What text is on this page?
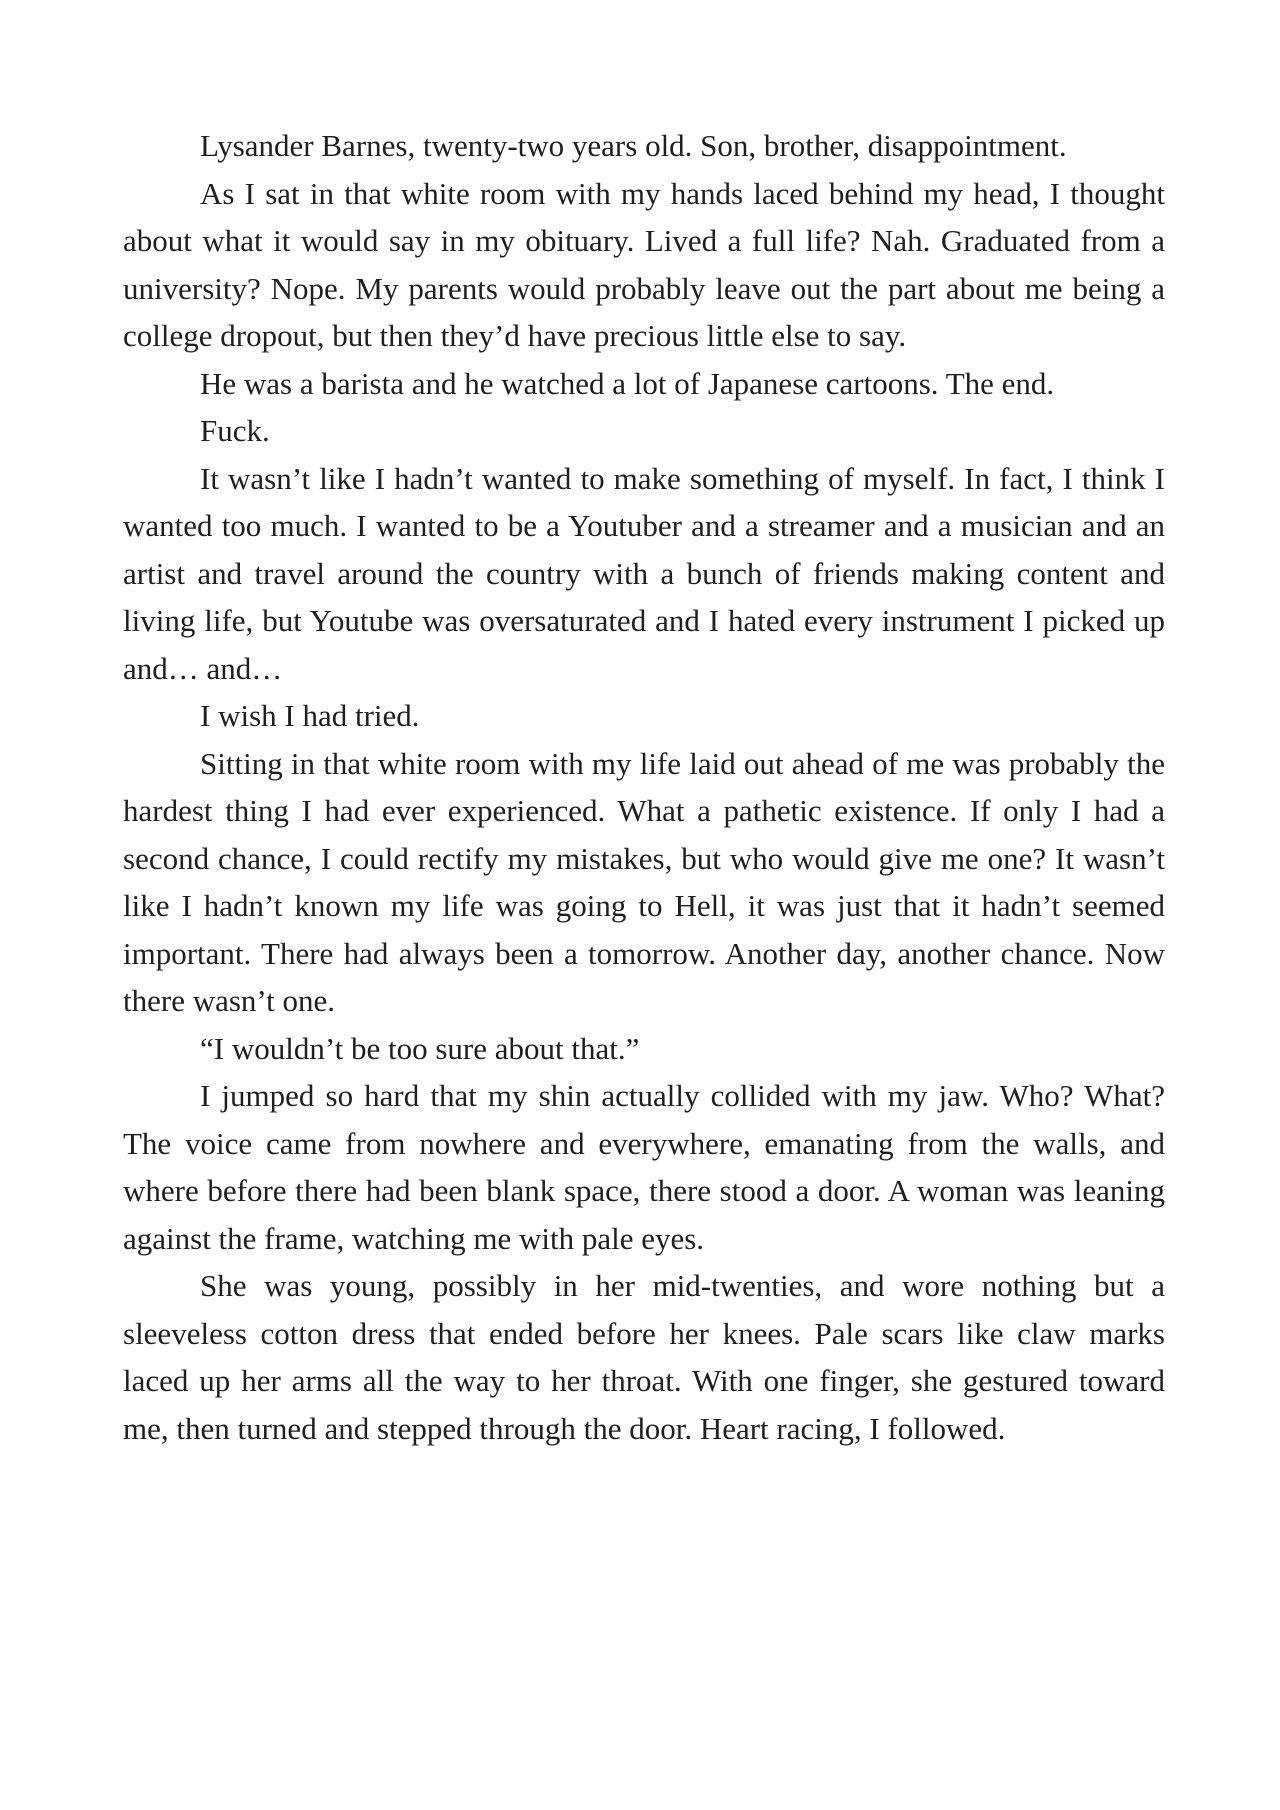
Lysander Barnes, twenty-two years old. Son, brother, disappointment.

As I sat in that white room with my hands laced behind my head, I thought about what it would say in my obituary. Lived a full life? Nah. Graduated from a university? Nope. My parents would probably leave out the part about me being a college dropout, but then they’d have precious little else to say.

He was a barista and he watched a lot of Japanese cartoons. The end.

Fuck.

It wasn’t like I hadn’t wanted to make something of myself. In fact, I think I wanted too much. I wanted to be a Youtuber and a streamer and a musician and an artist and travel around the country with a bunch of friends making content and living life, but Youtube was oversaturated and I hated every instrument I picked up and… and…

I wish I had tried.

Sitting in that white room with my life laid out ahead of me was probably the hardest thing I had ever experienced. What a pathetic existence. If only I had a second chance, I could rectify my mistakes, but who would give me one? It wasn’t like I hadn’t known my life was going to Hell, it was just that it hadn’t seemed important. There had always been a tomorrow. Another day, another chance. Now there wasn’t one.

“I wouldn’t be too sure about that.”

I jumped so hard that my shin actually collided with my jaw. Who? What? The voice came from nowhere and everywhere, emanating from the walls, and where before there had been blank space, there stood a door. A woman was leaning against the frame, watching me with pale eyes.

She was young, possibly in her mid-twenties, and wore nothing but a sleeveless cotton dress that ended before her knees. Pale scars like claw marks laced up her arms all the way to her throat. With one finger, she gestured toward me, then turned and stepped through the door. Heart racing, I followed.
